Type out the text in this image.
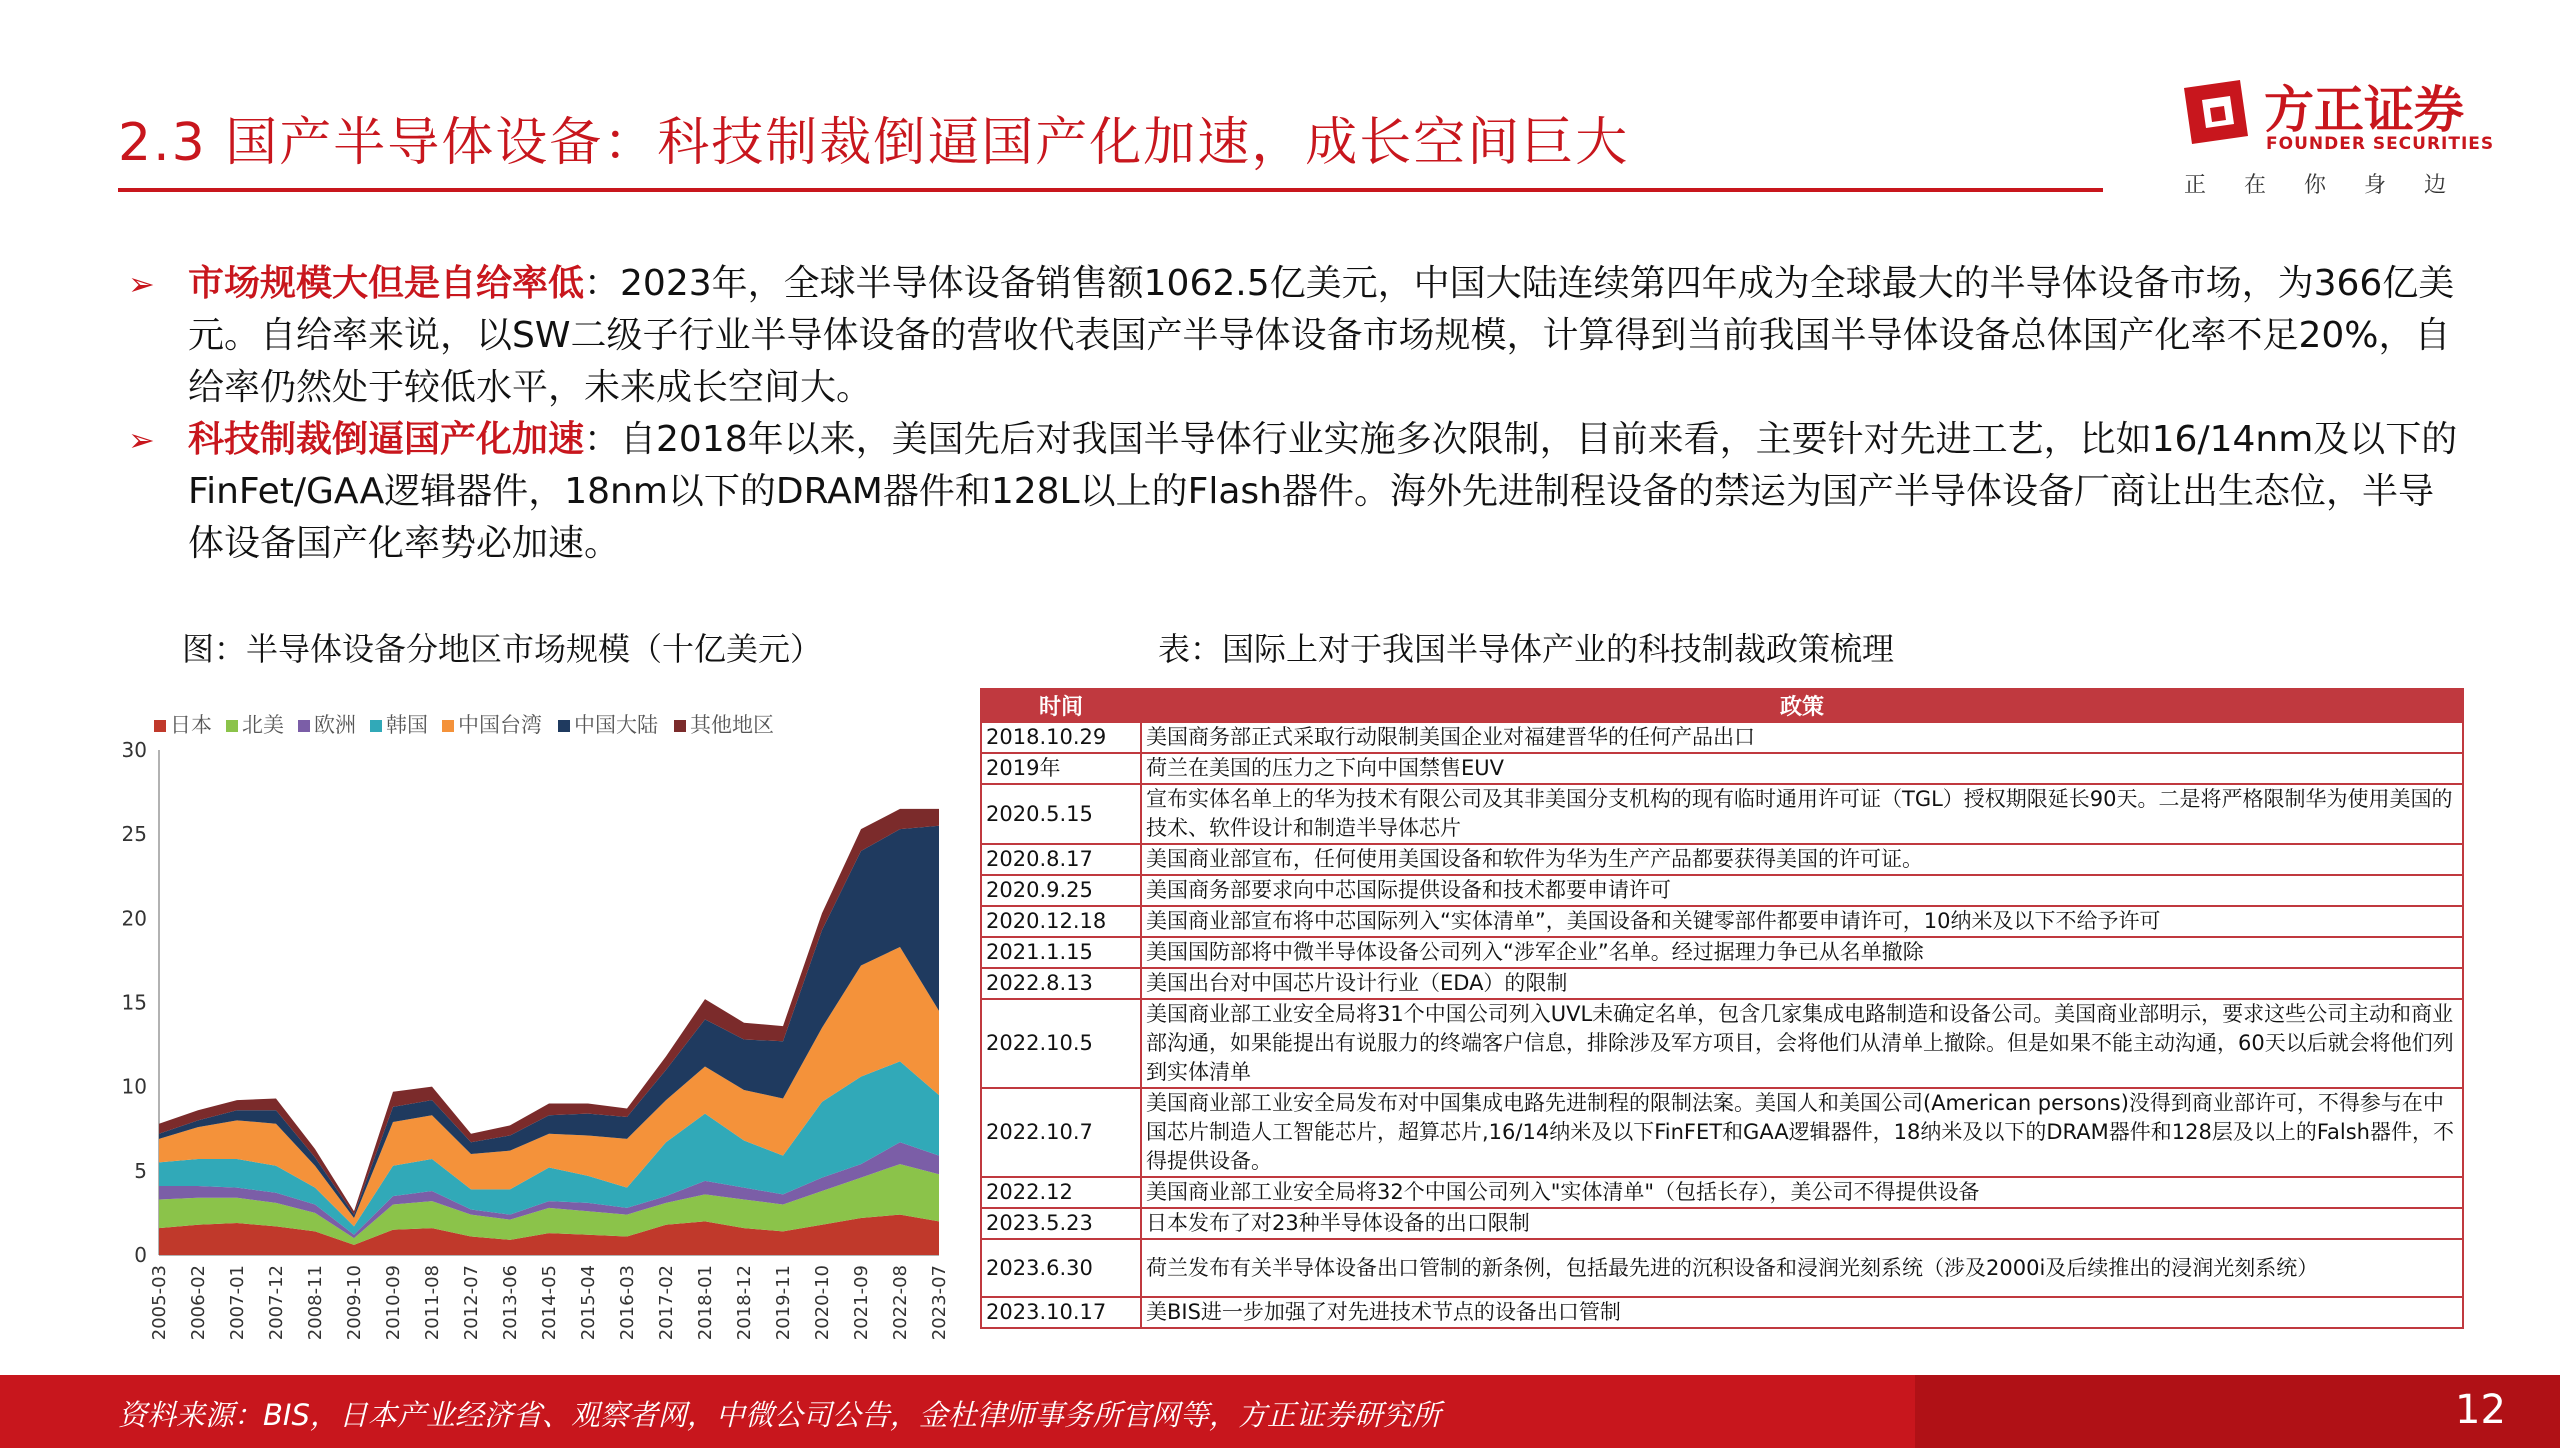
2.3 国产半导体设备：科技制裁倒逼国产化加速，成长空间巨大
方正证券
FOUNDER SECURITIES
正在你身边
➢ 市场规模大但是自给率低：2023年，全球半导体设备销售额1062.5亿美元，中国大陆连续第四年成为全球最大的半导体设备市场，为366亿美元。自给率来说，以SW二级子行业半导体设备的营收代表国产半导体设备市场规模，计算得到当前我国半导体设备总体国产化率不足20%，自给率仍然处于较低水平，未来成长空间大。
➢ 科技制裁倒逼国产化加速：自2018年以来，美国先后对我国半导体行业实施多次限制，目前来看，主要针对先进工艺，比如16/14nm及以下的FinFet/GAA逻辑器件，18nm以下的DRAM器件和128L以上的Flash器件。海外先进制程设备的禁运为国产半导体设备厂商让出生态位，半导体设备国产化率势必加速。
图：半导体设备分地区市场规模（十亿美元）	表：国际上对于我国半导体产业的科技制裁政策梳理
日本 北美 欧洲 韩国 中国台湾 中国大陆 其他地区
0
5
10
15
20
25
30
2005-03 2006-02 2007-01 2007-12 2008-11 2009-10 2010-09 2011-08 2012-07 2013-06 2014-05 2015-04 2016-03 2017-02 2018-01 2018-12 2019-11 2020-10 2021-09 2022-08 2023-07
时间	政策
2018.10.29	美国商务部正式采取行动限制美国企业对福建晋华的任何产品出口
2019年	荷兰在美国的压力之下向中国禁售EUV
2020.5.15	宣布实体名单上的华为技术有限公司及其非美国分支机构的现有临时通用许可证（TGL）授权期限延长90天。二是将严格限制华为使用美国的技术、软件设计和制造半导体芯片
2020.8.17	美国商业部宣布，任何使用美国设备和软件为华为生产产品都要获得美国的许可证。
2020.9.25	美国商务部要求向中芯国际提供设备和技术都要申请许可
2020.12.18	美国商业部宣布将中芯国际列入“实体清单”，美国设备和关键零部件都要申请许可，10纳米及以下不给予许可
2021.1.15	美国国防部将中微半导体设备公司列入“涉军企业”名单。经过据理力争已从名单撤除
2022.8.13	美国出台对中国芯片设计行业（EDA）的限制
2022.10.5	美国商业部工业安全局将31个中国公司列入UVL未确定名单，包含几家集成电路制造和设备公司。美国商业部明示，要求这些公司主动和商业部沟通，如果能提出有说服力的终端客户信息，排除涉及军方项目，会将他们从清单上撤除。但是如果不能主动沟通，60天以后就会将他们列到实体清单
2022.10.7	美国商业部工业安全局发布对中国集成电路先进制程的限制法案。美国人和美国公司(American persons)没得到商业部许可，不得参与在中国芯片制造人工智能芯片，超算芯片,16/14纳米及以下FinFET和GAA逻辑器件，18纳米及以下的DRAM器件和128层及以上的Falsh器件，不得提供设备。
2022.12	美国商业部工业安全局将32个中国公司列入"实体清单"（包括长存），美公司不得提供设备
2023.5.23	日本发布了对23种半导体设备的出口限制
2023.6.30	荷兰发布有关半导体设备出口管制的新条例，包括最先进的沉积设备和浸润光刻系统（涉及2000i及后续推出的浸润光刻系统）
2023.10.17	美BIS进一步加强了对先进技术节点的设备出口管制
资料来源：BIS，日本产业经济省、观察者网，中微公司公告，金杜律师事务所官网等，方正证券研究所	12
